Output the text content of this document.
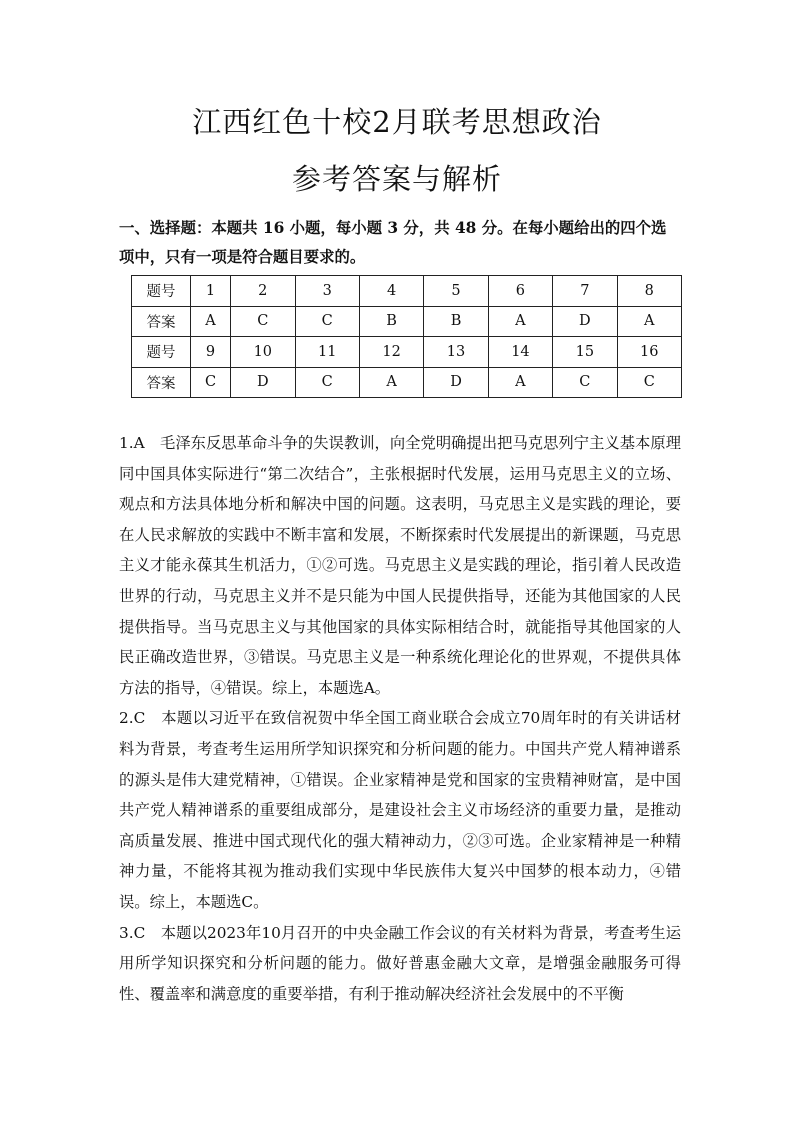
江西红色十校2月联考思想政治
参考答案与解析
一、选择题：本题共 16 小题，每小题 3 分，共 48 分。在每小题给出的四个选项中，只有一项是符合题目要求的。
题号	1	2	3	4	5	6	7	8
答案	A	C	C	B	B	A	D	A
题号	9	10	11	12	13	14	15	16
答案	C	D	C	A	D	A	C	C

1.A　毛泽东反思革命斗争的失误教训，向全党明确提出把马克思列宁主义基本原理同中国具体实际进行“第二次结合”，主张根据时代发展，运用马克思主义的立场、观点和方法具体地分析和解决中国的问题。这表明，马克思主义是实践的理论，要在人民求解放的实践中不断丰富和发展，不断探索时代发展提出的新课题，马克思主义才能永葆其生机活力，①②可选。马克思主义是实践的理论，指引着人民改造世界的行动，马克思主义并不是只能为中国人民提供指导，还能为其他国家的人民提供指导。当马克思主义与其他国家的具体实际相结合时，就能指导其他国家的人民正确改造世界，③错误。马克思主义是一种系统化理论化的世界观，不提供具体方法的指导，④错误。综上，本题选A。

2.C　本题以习近平在致信祝贺中华全国工商业联合会成立70周年时的有关讲话材料为背景，考查考生运用所学知识探究和分析问题的能力。中国共产党人精神谱系的源头是伟大建党精神，①错误。企业家精神是党和国家的宝贵精神财富，是中国共产党人精神谱系的重要组成部分，是建设社会主义市场经济的重要力量，是推动高质量发展、推进中国式现代化的强大精神动力，②③可选。企业家精神是一种精神力量，不能将其视为推动我们实现中华民族伟大复兴中国梦的根本动力，④错误。综上，本题选C。

3.C　本题以2023年10月召开的中央金融工作会议的有关材料为背景，考查考生运用所学知识探究和分析问题的能力。做好普惠金融大文章，是增强金融服务可得性、覆盖率和满意度的重要举措，有利于推动解决经济社会发展中的不平衡
